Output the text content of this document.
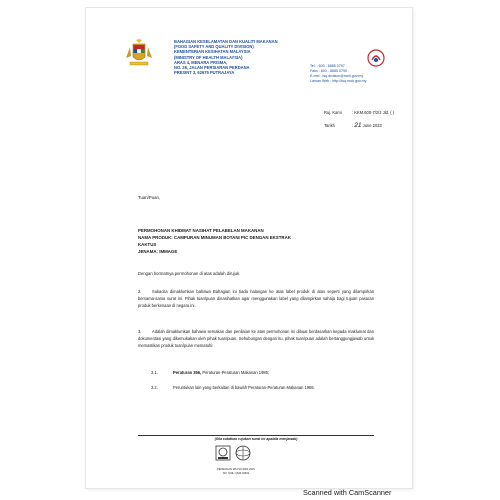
BAHAGIAN KESELAMATAN DAN KUALITI MAKANAN
(FOOD SAFETY AND QUALITY DIVISION)
KEMENTERIAN KESIHATAN MALAYSIA
(MINISTRY OF HEALTH MALAYSIA)
ARAS 4, MENARA PRISMA,
NO. 26, JALAN PERSIARAN PERDANA
PRESINT 3, 62675 PUTRAJAYA
Tel. : 603 - 8885 0797
Faks : 603 - 8885 0790
E-mel : fsq.division@moh.gov.my
Laman Web : http://fsq.moh.gov.my
Ruj. Kami	: KKM.600-7/2/1 Jld. ( )
Tarikh	: 21 June 2023
Tuan/Puan,
PERMOHONAN KHIDMAT NASIHAT PELABELAN MAKANAN
NAMA PRODUK: CAMPURAN MINUMAN BOTANI PIC DENGAN EKSTRAK
KAKTUS
JENAMA: IMMAGE
Dengan hormatnya permohonan di atas adalah dirujuk.
2.	Sukacita dimaklumkan bahawa Bahagian ini tiada halangan ke atas label produk di atas seperti yang dilampirkan bersama-sama surat ini. Pihak tuan/puan dinasihatkan agar menggunakan label yang dilampirkan sahaja bagi tujuan pasaran produk berkenaan di negara ini.
3.	Adalah dimaklumkan bahawa semakan dan penilaian ke atas permohonan ini dibuat berdasarkan kepada maklumat dan dokumentasi yang dikemukakan oleh pihak tuan/puan. Sehubungan dengan itu, pihak tuan/puan adalah bertanggungjawab untuk memastikan produk tuan/puan mematuhi:
3.1.	Peraturan 356, Peraturan-Peraturan Makanan 1985;
3.2.	Peruntukan lain yang berkaitan di bawah Peraturan-Peraturan Makanan 1985.
(Sila catatkan rujukan surat ini apabila menjawab)
PENSIJILAN MS ISO 9001:2015
NO. SIJIL: QMS 02491
Scanned with CamScanner
